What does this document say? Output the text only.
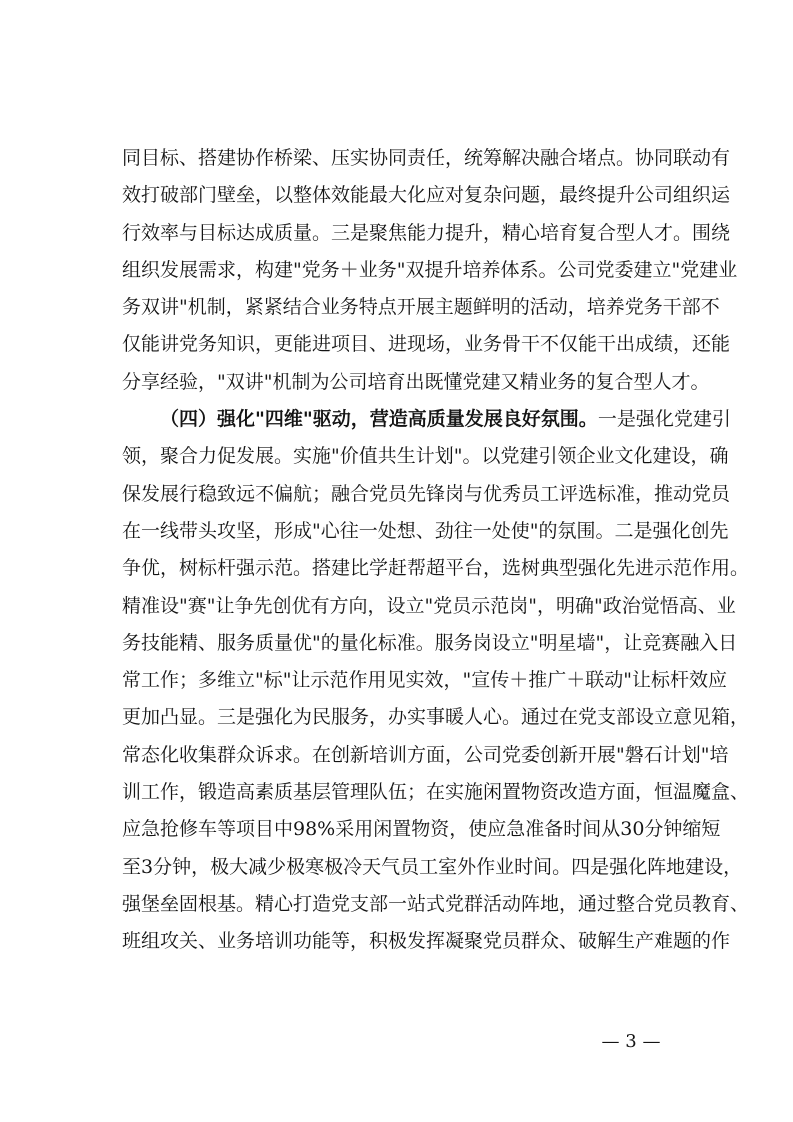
同目标、搭建协作桥梁、压实协同责任，统筹解决融合堵点。协同联动有
效打破部门壁垒，以整体效能最大化应对复杂问题，最终提升公司组织运
行效率与目标达成质量。三是聚焦能力提升，精心培育复合型人才。围绕
组织发展需求，构建"党务＋业务"双提升培养体系。公司党委建立"党建业
务双讲"机制，紧紧结合业务特点开展主题鲜明的活动，培养党务干部不
仅能讲党务知识，更能进项目、进现场，业务骨干不仅能干出成绩，还能
分享经验，"双讲"机制为公司培育出既懂党建又精业务的复合型人才。
（四）强化"四维"驱动，营造高质量发展良好氛围。一是强化党建引
领，聚合力促发展。实施"价值共生计划"。以党建引领企业文化建设，确
保发展行稳致远不偏航；融合党员先锋岗与优秀员工评选标准，推动党员
在一线带头攻坚，形成"心往一处想、劲往一处使"的氛围。二是强化创先
争优，树标杆强示范。搭建比学赶帮超平台，选树典型强化先进示范作用。
精准设"赛"让争先创优有方向，设立"党员示范岗"，明确"政治觉悟高、业
务技能精、服务质量优"的量化标准。服务岗设立"明星墙"，让竞赛融入日
常工作；多维立"标"让示范作用见实效，"宣传＋推广＋联动"让标杆效应
更加凸显。三是强化为民服务，办实事暖人心。通过在党支部设立意见箱，
常态化收集群众诉求。在创新培训方面，公司党委创新开展"磐石计划"培
训工作，锻造高素质基层管理队伍；在实施闲置物资改造方面，恒温魔盒、
应急抢修车等项目中98%采用闲置物资，使应急准备时间从30分钟缩短
至3分钟，极大减少极寒极冷天气员工室外作业时间。四是强化阵地建设，
强堡垒固根基。精心打造党支部一站式党群活动阵地，通过整合党员教育、
班组攻关、业务培训功能等，积极发挥凝聚党员群众、破解生产难题的作
— 3 —
